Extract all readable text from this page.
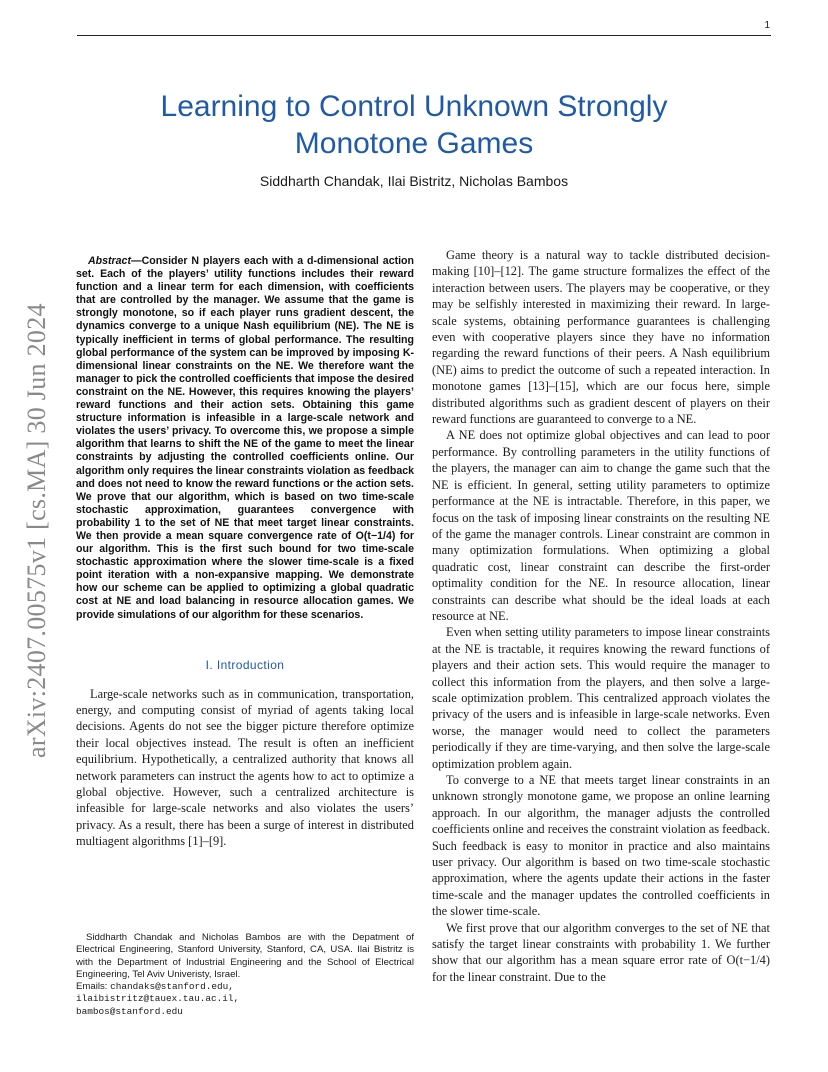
1
arXiv:2407.00575v1 [cs.MA] 30 Jun 2024
Learning to Control Unknown Strongly Monotone Games
Siddharth Chandak, Ilai Bistritz, Nicholas Bambos

Abstract—Consider N players each with a d-dimensional action set. Each of the players’ utility functions includes their reward function and a linear term for each dimension, with coefficients that are controlled by the manager. We assume that the game is strongly monotone, so if each player runs gradient descent, the dynamics converge to a unique Nash equilibrium (NE). The NE is typically inefficient in terms of global performance. The resulting global performance of the system can be improved by imposing K-dimensional linear constraints on the NE. We therefore want the manager to pick the controlled coefficients that impose the desired constraint on the NE. However, this requires knowing the players’ reward functions and their action sets. Obtaining this game structure information is infeasible in a large-scale network and violates the users’ privacy. To overcome this, we propose a simple algorithm that learns to shift the NE of the game to meet the linear constraints by adjusting the controlled coefficients online. Our algorithm only requires the linear constraints violation as feedback and does not need to know the reward functions or the action sets. We prove that our algorithm, which is based on two time-scale stochastic approximation, guarantees convergence with probability 1 to the set of NE that meet target linear constraints. We then provide a mean square convergence rate of O(t−1/4) for our algorithm. This is the first such bound for two time-scale stochastic approximation where the slower time-scale is a fixed point iteration with a non-expansive mapping. We demonstrate how our scheme can be applied to optimizing a global quadratic cost at NE and load balancing in resource allocation games. We provide simulations of our algorithm for these scenarios.

I. Introduction

Large-scale networks such as in communication, transportation, energy, and computing consist of myriad of agents taking local decisions. Agents do not see the bigger picture therefore optimize their local objectives instead. The result is often an inefficient equilibrium. Hypothetically, a centralized authority that knows all network parameters can instruct the agents how to act to optimize a global objective. However, such a centralized architecture is infeasible for large-scale networks and also violates the users’ privacy. As a result, there has been a surge of interest in distributed multiagent algorithms [1]–[9].

Siddharth Chandak and Nicholas Bambos are with the Depatment of Electrical Engineering, Stanford University, Stanford, CA, USA. Ilai Bistritz is with the Department of Industrial Engineering and the School of Electrical Engineering, Tel Aviv Univeristy, Israel.

Emails: chandaks@stanford.edu,
ilaibistritz@tauex.tau.ac.il,
bambos@stanford.edu

Game theory is a natural way to tackle distributed decision-making [10]–[12]. The game structure formalizes the effect of the interaction between users. The players may be cooperative, or they may be selfishly interested in maximizing their reward. In large-scale systems, obtaining performance guarantees is challenging even with cooperative players since they have no information regarding the reward functions of their peers. A Nash equilibrium (NE) aims to predict the outcome of such a repeated interaction. In monotone games [13]–[15], which are our focus here, simple distributed algorithms such as gradient descent of players on their reward functions are guaranteed to converge to a NE.

A NE does not optimize global objectives and can lead to poor performance. By controlling parameters in the utility functions of the players, the manager can aim to change the game such that the NE is efficient. In general, setting utility parameters to optimize performance at the NE is intractable. Therefore, in this paper, we focus on the task of imposing linear constraints on the resulting NE of the game the manager controls. Linear constraint are common in many optimization formulations. When optimizing a global quadratic cost, linear constraint can describe the first-order optimality condition for the NE. In resource allocation, linear constraints can describe what should be the ideal loads at each resource at NE.

Even when setting utility parameters to impose linear constraints at the NE is tractable, it requires knowing the reward functions of players and their action sets. This would require the manager to collect this information from the players, and then solve a large-scale optimization problem. This centralized approach violates the privacy of the users and is infeasible in large-scale networks. Even worse, the manager would need to collect the parameters periodically if they are time-varying, and then solve the large-scale optimization problem again.

To converge to a NE that meets target linear constraints in an unknown strongly monotone game, we propose an online learning approach. In our algorithm, the manager adjusts the controlled coefficients online and receives the constraint violation as feedback. Such feedback is easy to monitor in practice and also maintains user privacy. Our algorithm is based on two time-scale stochastic approximation, where the agents update their actions in the faster time-scale and the manager updates the controlled coefficients in the slower time-scale.

We first prove that our algorithm converges to the set of NE that satisfy the target linear constraints with probability 1. We further show that our algorithm has a mean square error rate of O(t−1/4) for the linear constraint. Due to the
